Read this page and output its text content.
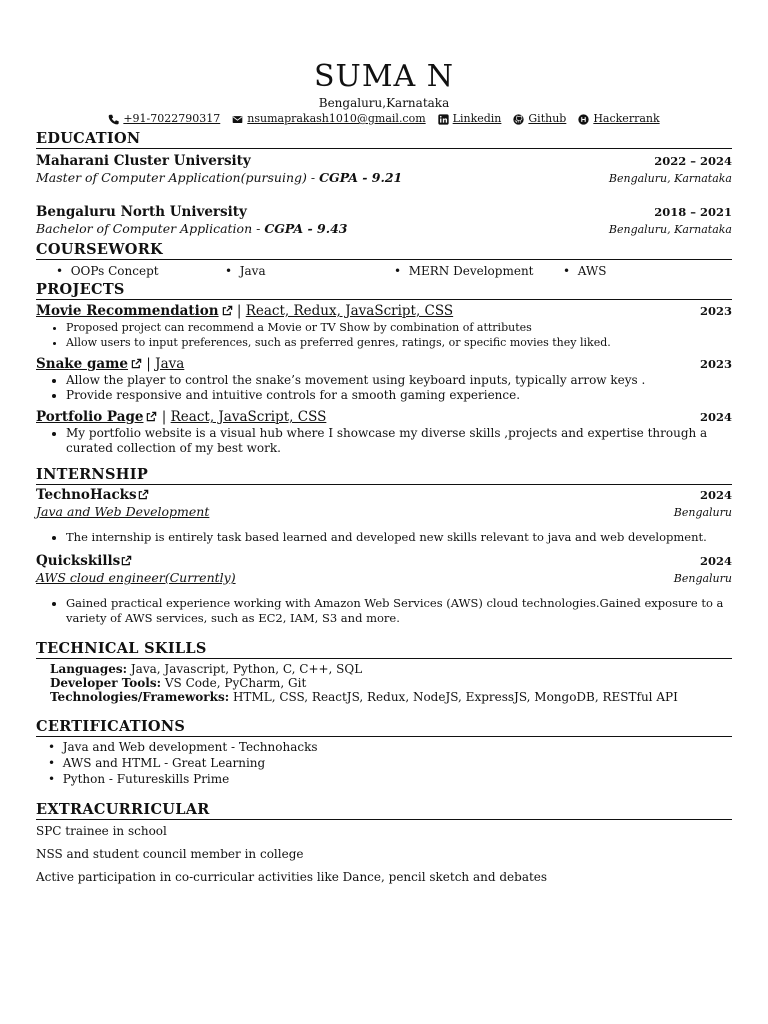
SUMA N
Bengaluru,Karnataka
+91-7022790317 nsumaprakash1010@gmail.com Linkedin Github Hackerrank
EDUCATION
Maharani Cluster University	2022 – 2024
Master of Computer Application(pursuing) - CGPA - 9.21	Bengaluru, Karnataka
Bengaluru North University	2018 – 2021
Bachelor of Computer Application - CGPA - 9.43	Bengaluru, Karnataka
COURSEWORK
•  OOPs Concept	•  Java	•  MERN Development	•  AWS
PROJECTS
Movie Recommendation | React, Redux, JavaScript, CSS	2023
• Proposed project can recommend a Movie or TV Show by combination of attributes
• Allow users to input preferences, such as preferred genres, ratings, or specific movies they liked.
Snake game | Java	2023
• Allow the player to control the snake’s movement using keyboard inputs, typically arrow keys .
• Provide responsive and intuitive controls for a smooth gaming experience.
Portfolio Page | React, JavaScript, CSS	2024
• My portfolio website is a visual hub where I showcase my diverse skills ,projects and expertise through a curated collection of my best work.
INTERNSHIP
TechnoHacks	2024
Java and Web Development	Bengaluru
• The internship is entirely task based learned and developed new skills relevant to java and web development.
Quickskills	2024
AWS cloud engineer(Currently)	Bengaluru
• Gained practical experience working with Amazon Web Services (AWS) cloud technologies.Gained exposure to a variety of AWS services, such as EC2, IAM, S3 and more.
TECHNICAL SKILLS
Languages: Java, Javascript, Python, C, C++, SQL
Developer Tools: VS Code, PyCharm, Git
Technologies/Frameworks: HTML, CSS, ReactJS, Redux, NodeJS, ExpressJS, MongoDB, RESTful API
CERTIFICATIONS
•  Java and Web development - Technohacks
•  AWS and HTML - Great Learning
•  Python - Futureskills Prime
EXTRACURRICULAR

SPC trainee in school

NSS and student council member in college

Active participation in co-curricular activities like Dance, pencil sketch and debates
